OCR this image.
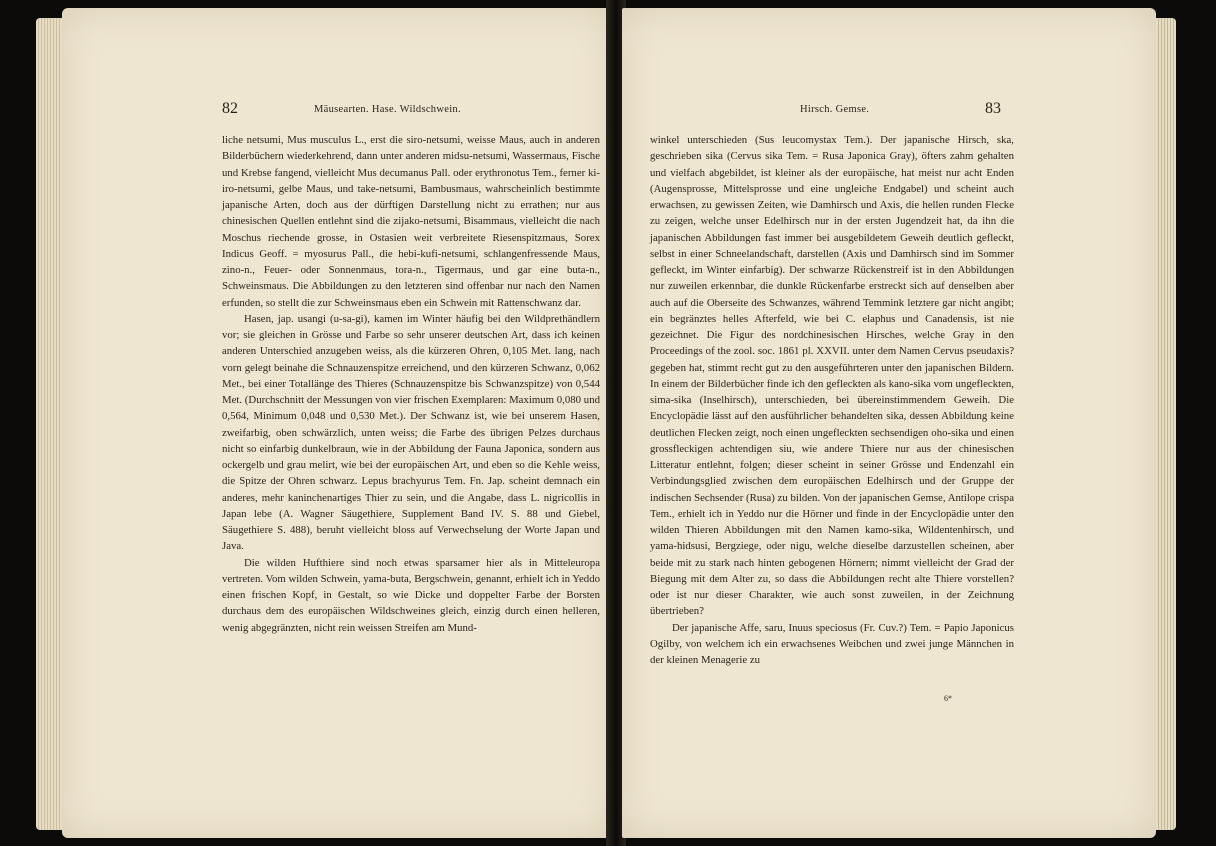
82	Mäusearten. Hase. Wildschwein.

liche netsumi, Mus musculus L., erst die siro-netsumi, weisse Maus, auch in anderen Bilderbüchern wiederkehrend, dann unter anderen midsu-netsumi, Wassermaus, Fische und Krebse fangend, vielleicht Mus decumanus Pall. oder erythronotus Tem., ferner ki-iro-netsumi, gelbe Maus, und take-netsumi, Bambusmaus, wahrscheinlich bestimmte japanische Arten, doch aus der dürftigen Darstellung nicht zu errathen; nur aus chinesischen Quellen entlehnt sind die zijako-netsumi, Bisammaus, vielleicht die nach Moschus riechende grosse, in Ostasien weit verbreitete Riesenspitzmaus, Sorex Indicus Geoff. = myosurus Pall., die hebi-kufi-netsumi, schlangenfressende Maus, zino-n., Feuer- oder Sonnenmaus, tora-n., Tigermaus, und gar eine buta-n., Schweinsmaus. Die Abbildungen zu den letzteren sind offenbar nur nach den Namen erfunden, so stellt die zur Schweinsmaus eben ein Schwein mit Rattenschwanz dar.

Hasen, jap. usangi (u-sa-gi), kamen im Winter häufig bei den Wildprethändlern vor; sie gleichen in Grösse und Farbe so sehr unserer deutschen Art, dass ich keinen anderen Unterschied anzugeben weiss, als die kürzeren Ohren, 0,105 Met. lang, nach vorn gelegt beinahe die Schnauzenspitze erreichend, und den kürzeren Schwanz, 0,062 Met., bei einer Totallänge des Thieres (Schnauzenspitze bis Schwanzspitze) von 0,544 Met. (Durchschnitt der Messungen von vier frischen Exemplaren: Maximum 0,080 und 0,564, Minimum 0,048 und 0,530 Met.). Der Schwanz ist, wie bei unserem Hasen, zweifarbig, oben schwärzlich, unten weiss; die Farbe des übrigen Pelzes durchaus nicht so einfarbig dunkelbraun, wie in der Abbildung der Fauna Japonica, sondern aus ockergelb und grau melirt, wie bei der europäischen Art, und eben so die Kehle weiss, die Spitze der Ohren schwarz. Lepus brachyurus Tem. Fn. Jap. scheint demnach ein anderes, mehr kaninchenartiges Thier zu sein, und die Angabe, dass L. nigricollis in Japan lebe (A. Wagner Säugethiere, Supplement Band IV. S. 88 und Giebel, Säugethiere S. 488), beruht vielleicht bloss auf Verwechselung der Worte Japan und Java.

Die wilden Hufthiere sind noch etwas sparsamer hier als in Mitteleuropa vertreten. Vom wilden Schwein, yama-buta, Bergschwein, genannt, erhielt ich in Yeddo einen frischen Kopf, in Gestalt, so wie Dicke und doppelter Farbe der Borsten durchaus dem des europäischen Wildschweines gleich, einzig durch einen helleren, wenig abgegränzten, nicht rein weissen Streifen am Mund-

Hirsch. Gemse.	83

winkel unterschieden (Sus leucomystax Tem.). Der japanische Hirsch, ska, geschrieben sika (Cervus sika Tem. = Rusa Japonica Gray), öfters zahm gehalten und vielfach abgebildet, ist kleiner als der europäische, hat meist nur acht Enden (Augensprosse, Mittelsprosse und eine ungleiche Endgabel) und scheint auch erwachsen, zu gewissen Zeiten, wie Damhirsch und Axis, die hellen runden Flecke zu zeigen, welche unser Edelhirsch nur in der ersten Jugendzeit hat, da ihn die japanischen Abbildungen fast immer bei ausgebildetem Geweih deutlich gefleckt, selbst in einer Schneelandschaft, darstellen (Axis und Damhirsch sind im Sommer gefleckt, im Winter einfarbig). Der schwarze Rückenstreif ist in den Abbildungen nur zuweilen erkennbar, die dunkle Rückenfarbe erstreckt sich auf denselben aber auch auf die Oberseite des Schwanzes, während Temmink letztere gar nicht angibt; ein begränztes helles Afterfeld, wie bei C. elaphus und Canadensis, ist nie gezeichnet. Die Figur des nordchinesischen Hirsches, welche Gray in den Proceedings of the zool. soc. 1861 pl. XXVII. unter dem Namen Cervus pseudaxis? gegeben hat, stimmt recht gut zu den ausgeführteren unter den japanischen Bildern. In einem der Bilderbücher finde ich den gefleckten als kano-sika vom ungefleckten, sima-sika (Inselhirsch), unterschieden, bei übereinstimmendem Geweih. Die Encyclopädie lässt auf den ausführlicher behandelten sika, dessen Abbildung keine deutlichen Flecken zeigt, noch einen ungefleckten sechsendigen oho-sika und einen grossfleckigen achtendigen siu, wie andere Thiere nur aus der chinesischen Litteratur entlehnt, folgen; dieser scheint in seiner Grösse und Endenzahl ein Verbindungsglied zwischen dem europäischen Edelhirsch und der Gruppe der indischen Sechsender (Rusa) zu bilden. Von der japanischen Gemse, Antilope crispa Tem., erhielt ich in Yeddo nur die Hörner und finde in der Encyclopädie unter den wilden Thieren Abbildungen mit den Namen kamo-sika, Wildentenhirsch, und yama-hidsusi, Bergziege, oder nigu, welche dieselbe darzustellen scheinen, aber beide mit zu stark nach hinten gebogenen Hörnern; nimmt vielleicht der Grad der Biegung mit dem Alter zu, so dass die Abbildungen recht alte Thiere vorstellen? oder ist nur dieser Charakter, wie auch sonst zuweilen, in der Zeichnung übertrieben?

Der japanische Affe, saru, Inuus speciosus (Fr. Cuv.?) Tem. = Papio Japonicus Ogilby, von welchem ich ein erwachsenes Weibchen und zwei junge Männchen in der kleinen Menagerie zu

6*
